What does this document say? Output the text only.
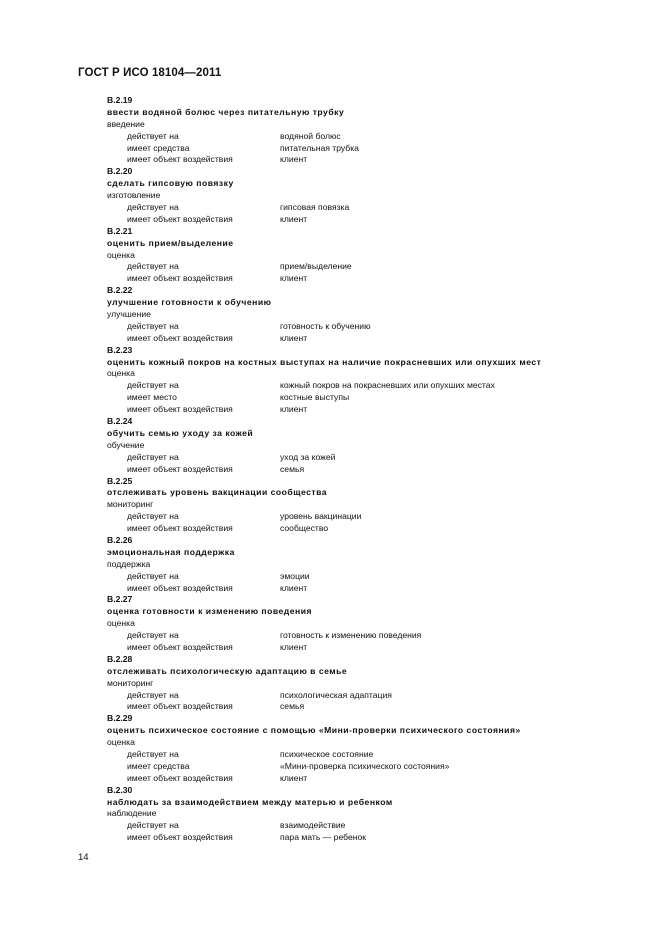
ГОСТ Р ИСО 18104—2011
B.2.19
ввести водяной болюс через питательную трубку
введение
действует на	водяной болюс
имеет средства	питательная трубка
имеет объект воздействия	клиент
B.2.20
сделать гипсовую повязку
изготовление
действует на	гипсовая повязка
имеет объект воздействия	клиент
B.2.21
оценить прием/выделение
оценка
действует на	прием/выделение
имеет объект воздействия	клиент
B.2.22
улучшение готовности к обучению
улучшение
действует на	готовность к обучению
имеет объект воздействия	клиент
B.2.23
оценить кожный покров на костных выступах на наличие покрасневших или опухших мест
оценка
действует на	кожный покров на покрасневших или опухших местах
имеет место	костные выступы
имеет объект воздействия	клиент
B.2.24
обучить семью уходу за кожей
обучение
действует на	уход за кожей
имеет объект воздействия	семья
B.2.25
отслеживать уровень вакцинации сообщества
мониторинг
действует на	уровень вакцинации
имеет объект воздействия	сообщество
B.2.26
эмоциональная поддержка
поддержка
действует на	эмоции
имеет объект воздействия	клиент
B.2.27
оценка готовности к изменению поведения
оценка
действует на	готовность к изменению поведения
имеет объект воздействия	клиент
B.2.28
отслеживать психологическую адаптацию в семье
мониторинг
действует на	психологическая адаптация
имеет объект воздействия	семья
B.2.29
оценить психическое состояние с помощью «Мини-проверки психического состояния»
оценка
действует на	психическое состояние
имеет средства	«Мини-проверка психического состояния»
имеет объект воздействия	клиент
B.2.30
наблюдать за взаимодействием между матерью и ребенком
наблюдение
действует на	взаимодействие
имеет объект воздействия	пара мать — ребенок
14
